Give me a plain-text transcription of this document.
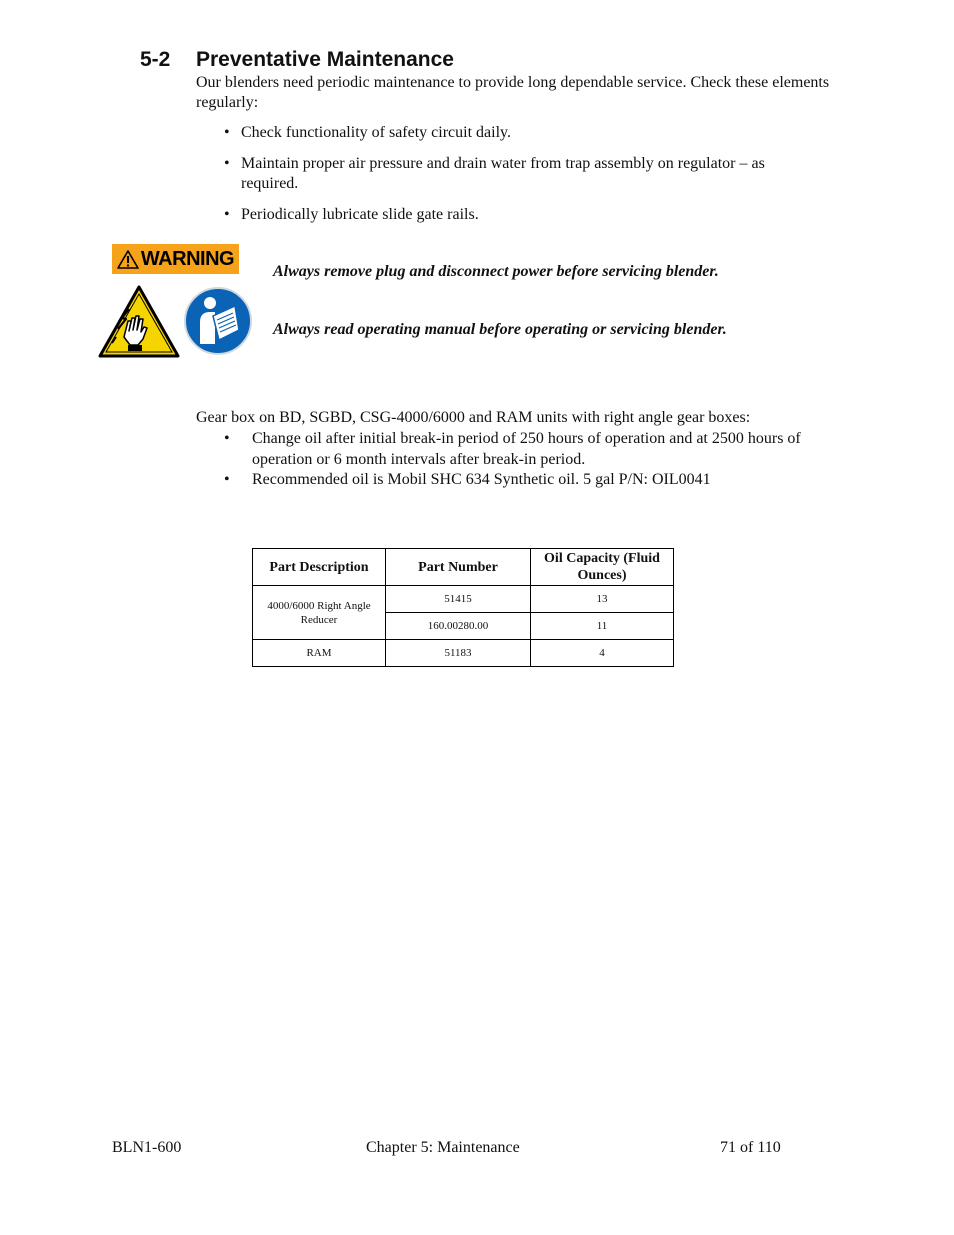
5-2 Preventative Maintenance

Our blenders need periodic maintenance to provide long dependable service. Check these elements regularly:

• Check functionality of safety circuit daily.
• Maintain proper air pressure and drain water from trap assembly on regulator – as required.
• Periodically lubricate slide gate rails.
WARNING

Always remove plug and disconnect power before servicing blender.

Always read operating manual before operating or servicing blender.

Gear box on BD, SGBD, CSG-4000/6000 and RAM units with right angle gear boxes:

• Change oil after initial break-in period of 250 hours of operation and at 2500 hours of operation or 6 month intervals after break-in period.
• Recommended oil is Mobil SHC 634 Synthetic oil. 5 gal P/N: OIL0041
Part Description	Part Number	Oil Capacity (Fluid Ounces)
4000/6000 Right Angle Reducer	51415	13
	160.00280.00	11
RAM	51183	4

BLN1-600	Chapter 5: Maintenance	71 of 110
